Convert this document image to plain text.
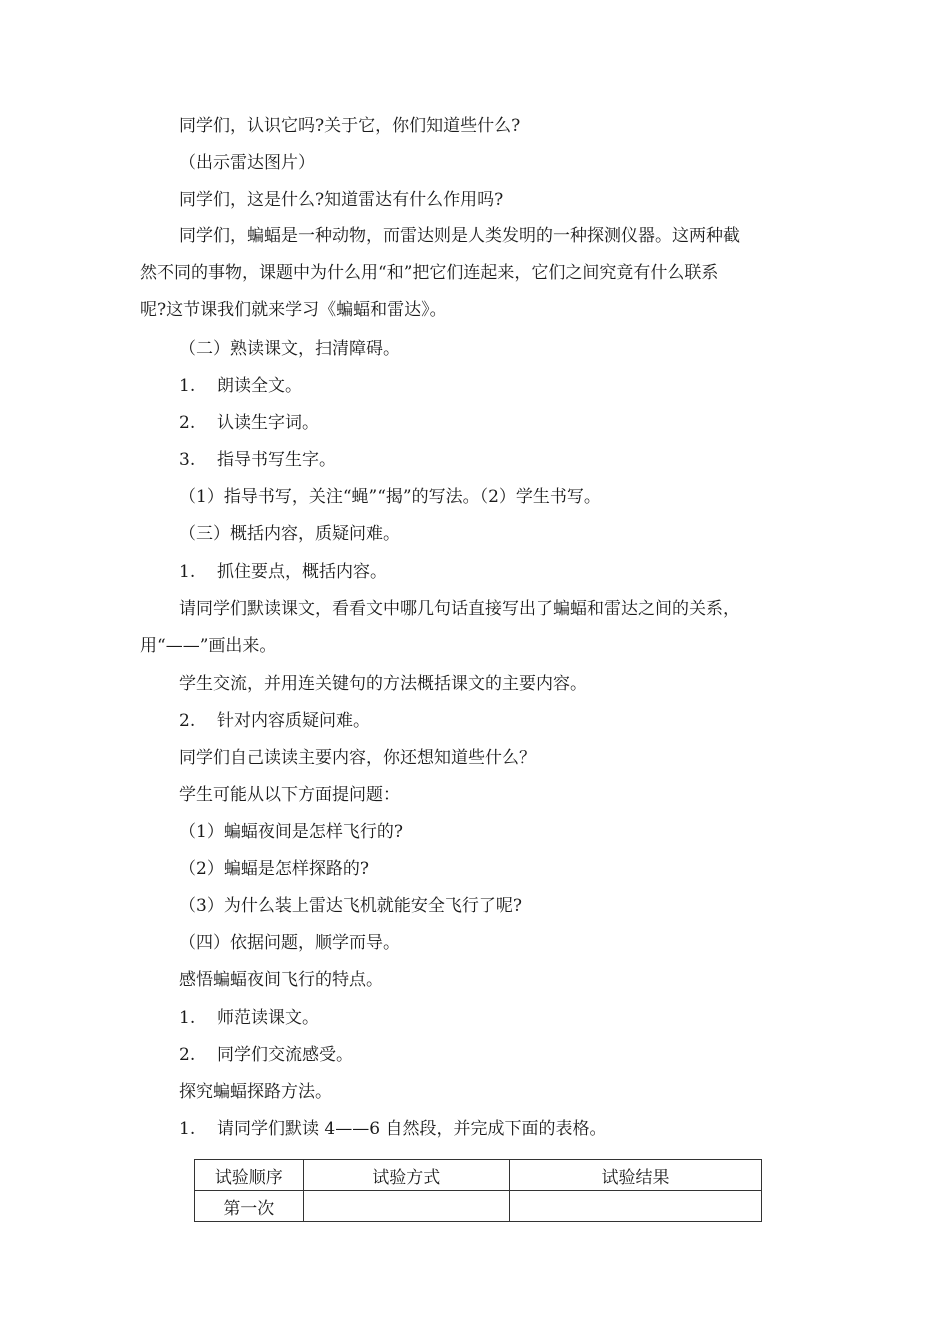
同学们，认识它吗?关于它，你们知道些什么?
（出示雷达图片）
同学们，这是什么?知道雷达有什么作用吗?
同学们，蝙蝠是一种动物，而雷达则是人类发明的一种探测仪器。这两种截
然不同的事物，课题中为什么用“和”把它们连起来，它们之间究竟有什么联系
呢?这节课我们就来学习《蝙蝠和雷达》。
（二）熟读课文，扫清障碍。
1. 朗读全文。
2. 认读生字词。
3. 指导书写生字。
（1）指导书写，关注“蝇”“揭”的写法。（2）学生书写。
（三）概括内容，质疑问难。
1. 抓住要点，概括内容。
请同学们默读课文，看看文中哪几句话直接写出了蝙蝠和雷达之间的关系，
用“——”画出来。
学生交流，并用连关键句的方法概括课文的主要内容。
2. 针对内容质疑问难。
同学们自己读读主要内容，你还想知道些什么？
学生可能从以下方面提问题：
（1）蝙蝠夜间是怎样飞行的?
（2）蝙蝠是怎样探路的?
（3）为什么装上雷达飞机就能安全飞行了呢?
（四）依据问题，顺学而导。
感悟蝙蝠夜间飞行的特点。
1. 师范读课文。
2. 同学们交流感受。
探究蝙蝠探路方法。
1. 请同学们默读 4——6 自然段，并完成下面的表格。
试验顺序	试验方式	试验结果
第一次		
